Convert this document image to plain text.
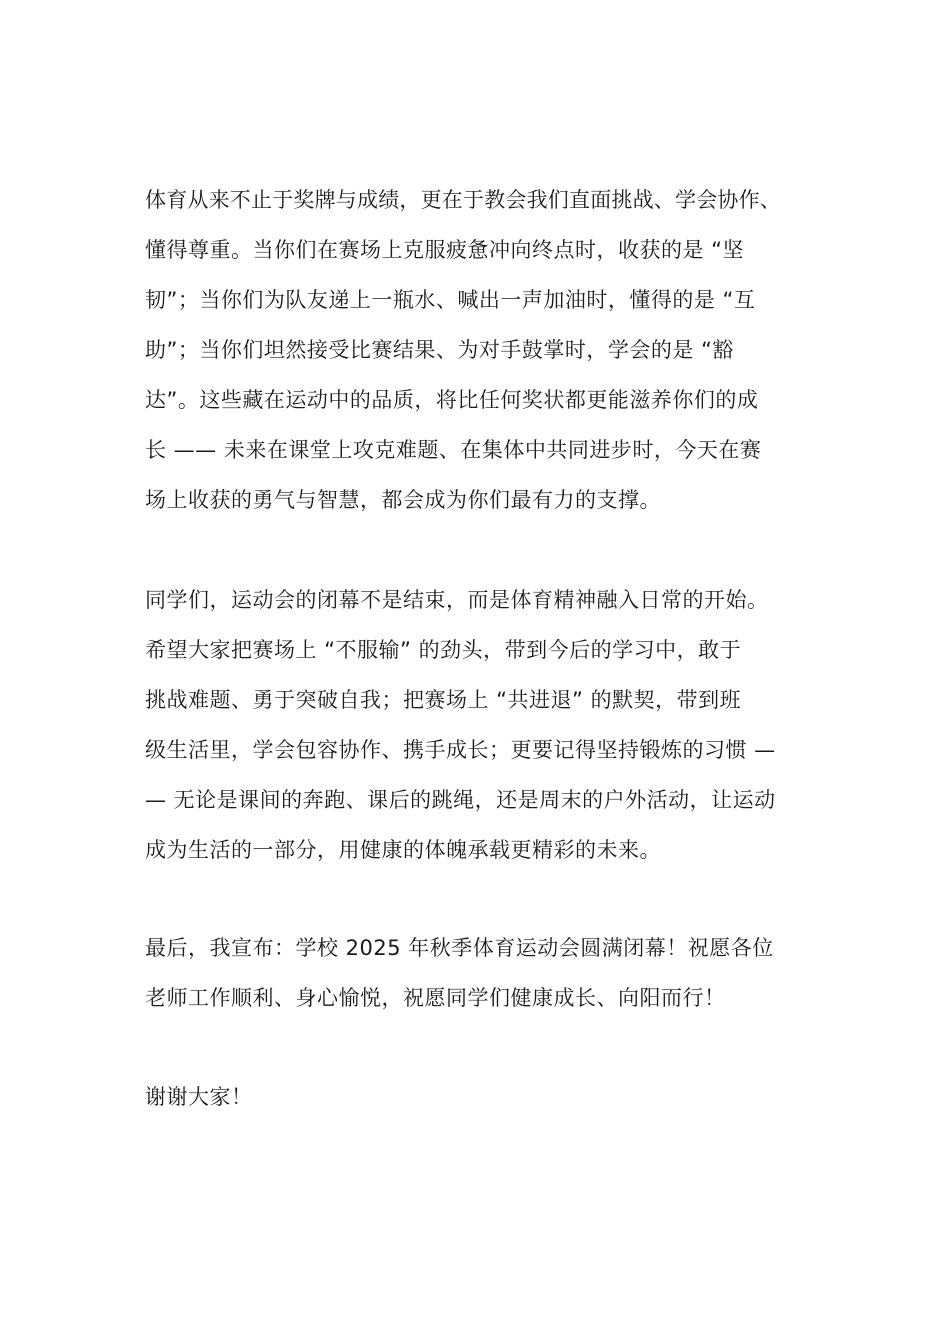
体育从来不止于奖牌与成绩，更在于教会我们直面挑战、学会协作、
懂得尊重。当你们在赛场上克服疲惫冲向终点时，收获的是 “坚
韧”；当你们为队友递上一瓶水、喊出一声加油时，懂得的是 “互
助”；当你们坦然接受比赛结果、为对手鼓掌时，学会的是 “豁
达”。这些藏在运动中的品质，将比任何奖状都更能滋养你们的成
长 —— 未来在课堂上攻克难题、在集体中共同进步时，今天在赛
场上收获的勇气与智慧，都会成为你们最有力的支撑。
同学们，运动会的闭幕不是结束，而是体育精神融入日常的开始。
希望大家把赛场上 “不服输” 的劲头，带到今后的学习中，敢于
挑战难题、勇于突破自我；把赛场上 “共进退” 的默契，带到班
级生活里，学会包容协作、携手成长；更要记得坚持锻炼的习惯 —
— 无论是课间的奔跑、课后的跳绳，还是周末的户外活动，让运动
成为生活的一部分，用健康的体魄承载更精彩的未来。
最后，我宣布：学校 2025 年秋季体育运动会圆满闭幕！祝愿各位
老师工作顺利、身心愉悦，祝愿同学们健康成长、向阳而行！
谢谢大家！
